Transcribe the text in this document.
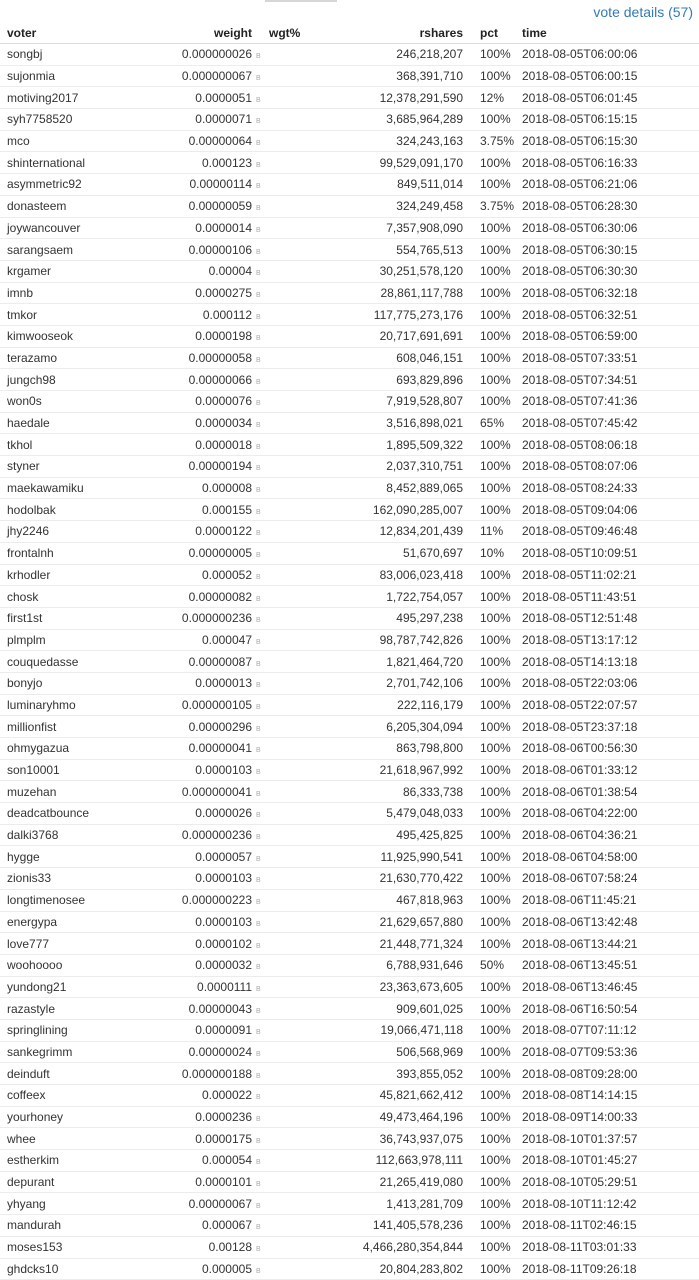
vote details (57)
voter	weight	wgt%	rshares	pct	time
songbj	0.000000026 B		246,218,207	100%	2018-08-05T06:00:06
sujonmia	0.000000067 B		368,391,710	100%	2018-08-05T06:00:15
motiving2017	0.0000051 B		12,378,291,590	12%	2018-08-05T06:01:45
syh7758520	0.0000071 B		3,685,964,289	100%	2018-08-05T06:15:15
mco	0.00000064 B		324,243,163	3.75%	2018-08-05T06:15:30
shinternational	0.000123 B		99,529,091,170	100%	2018-08-05T06:16:33
asymmetric92	0.00000114 B		849,511,014	100%	2018-08-05T06:21:06
donasteem	0.00000059 B		324,249,458	3.75%	2018-08-05T06:28:30
joywancouver	0.0000014 B		7,357,908,090	100%	2018-08-05T06:30:06
sarangsaem	0.00000106 B		554,765,513	100%	2018-08-05T06:30:15
krgamer	0.00004 B		30,251,578,120	100%	2018-08-05T06:30:30
imnb	0.0000275 B		28,861,117,788	100%	2018-08-05T06:32:18
tmkor	0.000112 B		117,775,273,176	100%	2018-08-05T06:32:51
kimwooseok	0.0000198 B		20,717,691,691	100%	2018-08-05T06:59:00
terazamo	0.00000058 B		608,046,151	100%	2018-08-05T07:33:51
jungch98	0.00000066 B		693,829,896	100%	2018-08-05T07:34:51
won0s	0.0000076 B		7,919,528,807	100%	2018-08-05T07:41:36
haedale	0.0000034 B		3,516,898,021	65%	2018-08-05T07:45:42
tkhol	0.0000018 B		1,895,509,322	100%	2018-08-05T08:06:18
styner	0.00000194 B		2,037,310,751	100%	2018-08-05T08:07:06
maekawamiku	0.000008 B		8,452,889,065	100%	2018-08-05T08:24:33
hodolbak	0.000155 B		162,090,285,007	100%	2018-08-05T09:04:06
jhy2246	0.0000122 B		12,834,201,439	11%	2018-08-05T09:46:48
frontalnh	0.00000005 B		51,670,697	10%	2018-08-05T10:09:51
krhodler	0.000052 B		83,006,023,418	100%	2018-08-05T11:02:21
chosk	0.00000082 B		1,722,754,057	100%	2018-08-05T11:43:51
first1st	0.000000236 B		495,297,238	100%	2018-08-05T12:51:48
plmplm	0.000047 B		98,787,742,826	100%	2018-08-05T13:17:12
couquedasse	0.00000087 B		1,821,464,720	100%	2018-08-05T14:13:18
bonyjo	0.0000013 B		2,701,742,106	100%	2018-08-05T22:03:06
luminaryhmo	0.000000105 B		222,116,179	100%	2018-08-05T22:07:57
millionfist	0.00000296 B		6,205,304,094	100%	2018-08-05T23:37:18
ohmygazua	0.00000041 B		863,798,800	100%	2018-08-06T00:56:30
son10001	0.0000103 B		21,618,967,992	100%	2018-08-06T01:33:12
muzehan	0.000000041 B		86,333,738	100%	2018-08-06T01:38:54
deadcatbounce	0.0000026 B		5,479,048,033	100%	2018-08-06T04:22:00
dalki3768	0.000000236 B		495,425,825	100%	2018-08-06T04:36:21
hygge	0.0000057 B		11,925,990,541	100%	2018-08-06T04:58:00
zionis33	0.0000103 B		21,630,770,422	100%	2018-08-06T07:58:24
longtimenosee	0.000000223 B		467,818,963	100%	2018-08-06T11:45:21
energypa	0.0000103 B		21,629,657,880	100%	2018-08-06T13:42:48
love777	0.0000102 B		21,448,771,324	100%	2018-08-06T13:44:21
woohoooo	0.0000032 B		6,788,931,646	50%	2018-08-06T13:45:51
yundong21	0.0000111 B		23,363,673,605	100%	2018-08-06T13:46:45
razastyle	0.00000043 B		909,601,025	100%	2018-08-06T16:50:54
springlining	0.0000091 B		19,066,471,118	100%	2018-08-07T07:11:12
sankegrimm	0.00000024 B		506,568,969	100%	2018-08-07T09:53:36
deinduft	0.000000188 B		393,855,052	100%	2018-08-08T09:28:00
coffeex	0.000022 B		45,821,662,412	100%	2018-08-08T14:14:15
yourhoney	0.0000236 B		49,473,464,196	100%	2018-08-09T14:00:33
whee	0.0000175 B		36,743,937,075	100%	2018-08-10T01:37:57
estherkim	0.000054 B		112,663,978,111	100%	2018-08-10T01:45:27
depurant	0.0000101 B		21,265,419,080	100%	2018-08-10T05:29:51
yhyang	0.00000067 B		1,413,281,709	100%	2018-08-10T11:12:42
mandurah	0.000067 B		141,405,578,236	100%	2018-08-11T02:46:15
moses153	0.00128 B		4,466,280,354,844	100%	2018-08-11T03:01:33
ghdcks10	0.000005 B		20,804,283,802	100%	2018-08-11T09:26:18
